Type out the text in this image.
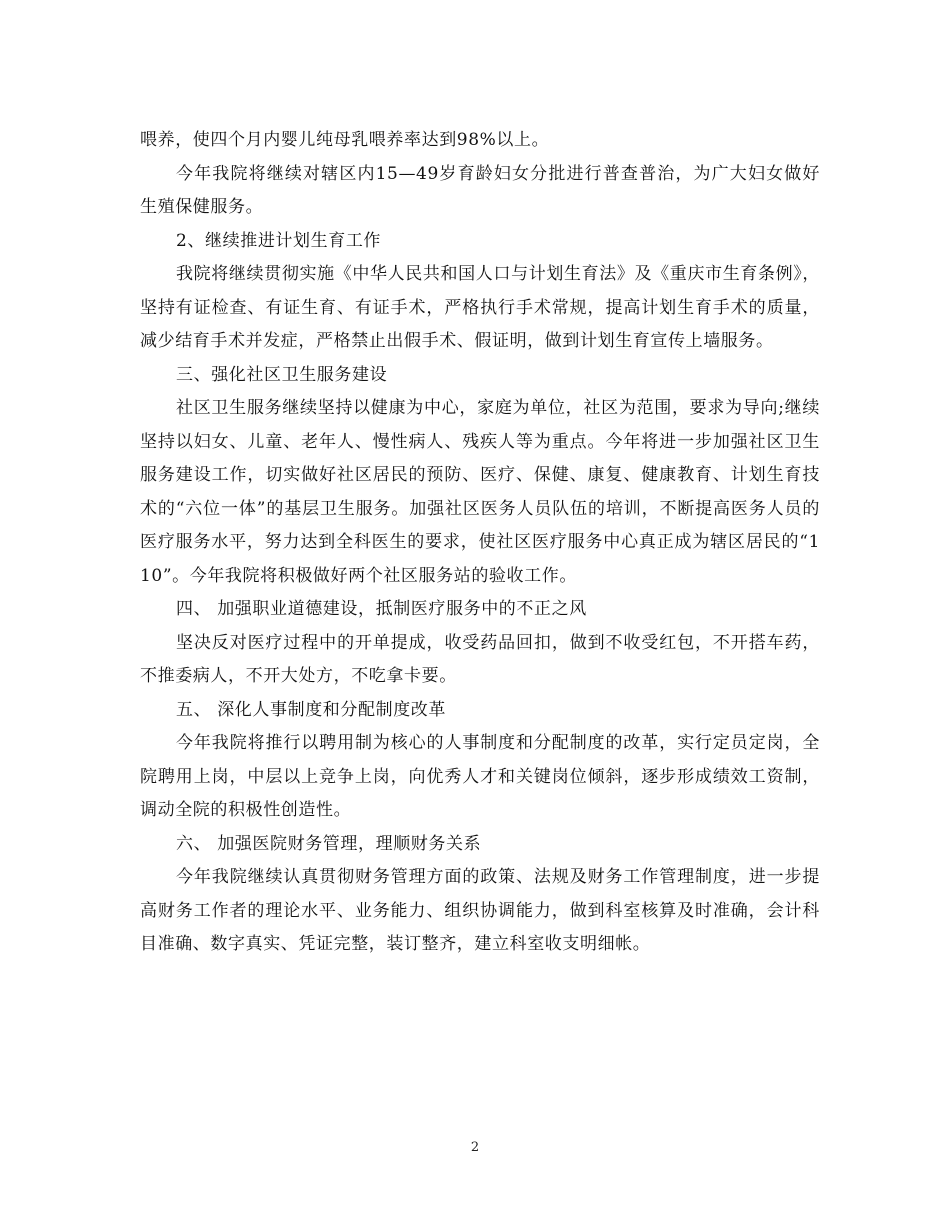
喂养，使四个月内婴儿纯母乳喂养率达到98%以上。

今年我院将继续对辖区内15—49岁育龄妇女分批进行普查普治，为广大妇女做好生殖保健服务。

2、继续推进计划生育工作

我院将继续贯彻实施《中华人民共和国人口与计划生育法》及《重庆市生育条例》，坚持有证检查、有证生育、有证手术，严格执行手术常规，提高计划生育手术的质量，减少结育手术并发症，严格禁止出假手术、假证明，做到计划生育宣传上墙服务。

三、强化社区卫生服务建设

社区卫生服务继续坚持以健康为中心，家庭为单位，社区为范围，要求为导向;继续坚持以妇女、儿童、老年人、慢性病人、残疾人等为重点。今年将进一步加强社区卫生服务建设工作，切实做好社区居民的预防、医疗、保健、康复、健康教育、计划生育技术的“六位一体”的基层卫生服务。加强社区医务人员队伍的培训，不断提高医务人员的医疗服务水平，努力达到全科医生的要求，使社区医疗服务中心真正成为辖区居民的“110”。今年我院将积极做好两个社区服务站的验收工作。

四、 加强职业道德建设，抵制医疗服务中的不正之风

坚决反对医疗过程中的开单提成，收受药品回扣，做到不收受红包，不开搭车药，不推委病人，不开大处方，不吃拿卡要。

五、 深化人事制度和分配制度改革

今年我院将推行以聘用制为核心的人事制度和分配制度的改革，实行定员定岗，全院聘用上岗，中层以上竞争上岗，向优秀人才和关键岗位倾斜，逐步形成绩效工资制，调动全院的积极性创造性。

六、 加强医院财务管理，理顺财务关系

今年我院继续认真贯彻财务管理方面的政策、法规及财务工作管理制度，进一步提高财务工作者的理论水平、业务能力、组织协调能力，做到科室核算及时准确，会计科目准确、数字真实、凭证完整，装订整齐，建立科室收支明细帐。

2
